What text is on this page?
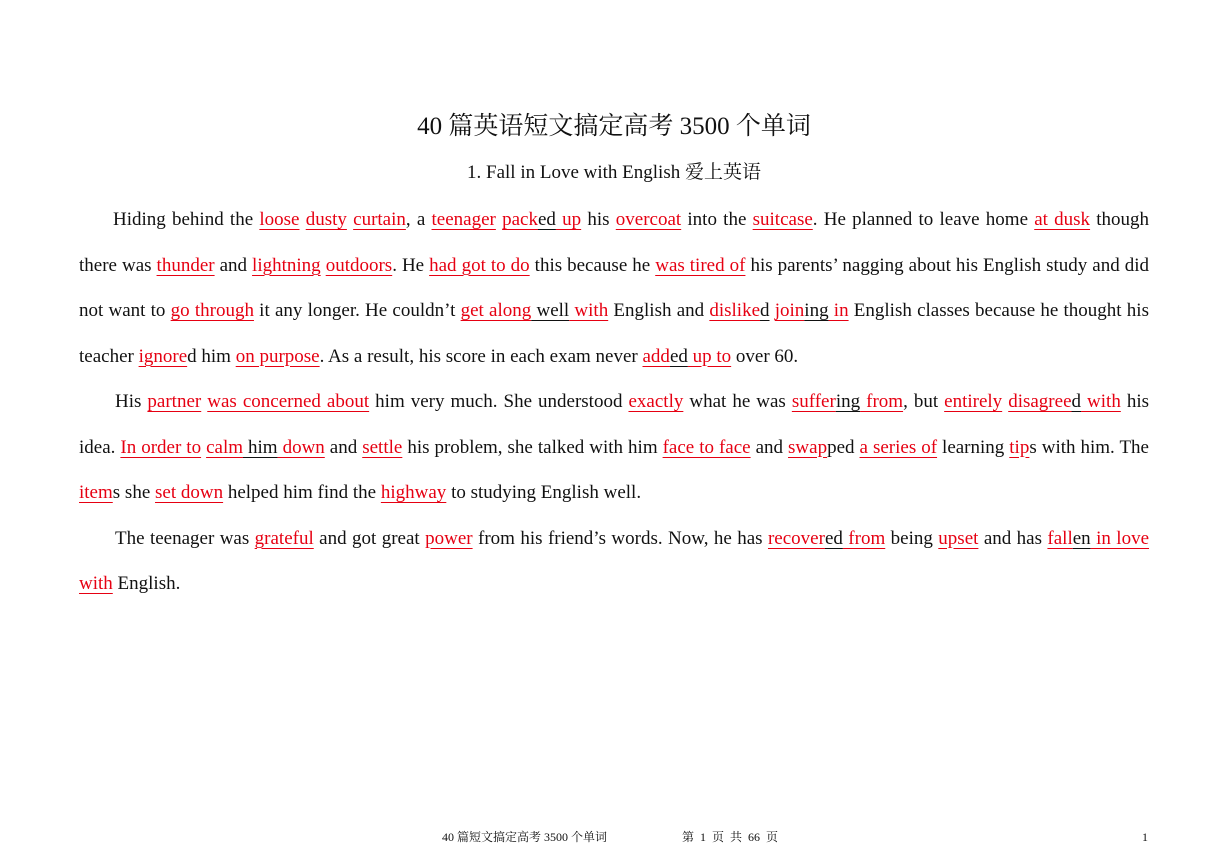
40 篇英语短文搞定高考 3500 个单词
1. Fall in Love with English 爱上英语

Hiding behind the loose dusty curtain, a teenager packed up his overcoat into the suitcase. He planned to leave home at dusk though there was thunder and lightning outdoors. He had got to do this because he was tired of his parents’ nagging about his English study and did not want to go through it any longer. He couldn’t get along well with English and disliked joining in English classes because he thought his teacher ignored him on purpose. As a result, his score in each exam never added up to over 60.

His partner was concerned about him very much. She understood exactly what he was suffering from, but entirely disagreed with his idea. In order to calm him down and settle his problem, she talked with him face to face and swapped a series of learning tips with him. The items she set down helped him find the highway to studying English well.

The teenager was grateful and got great power from his friend’s words. Now, he has recovered from being upset and has fallen in love with English.

40 篇短文搞定高考 3500 个单词	第 1 页 共 66 页	1
